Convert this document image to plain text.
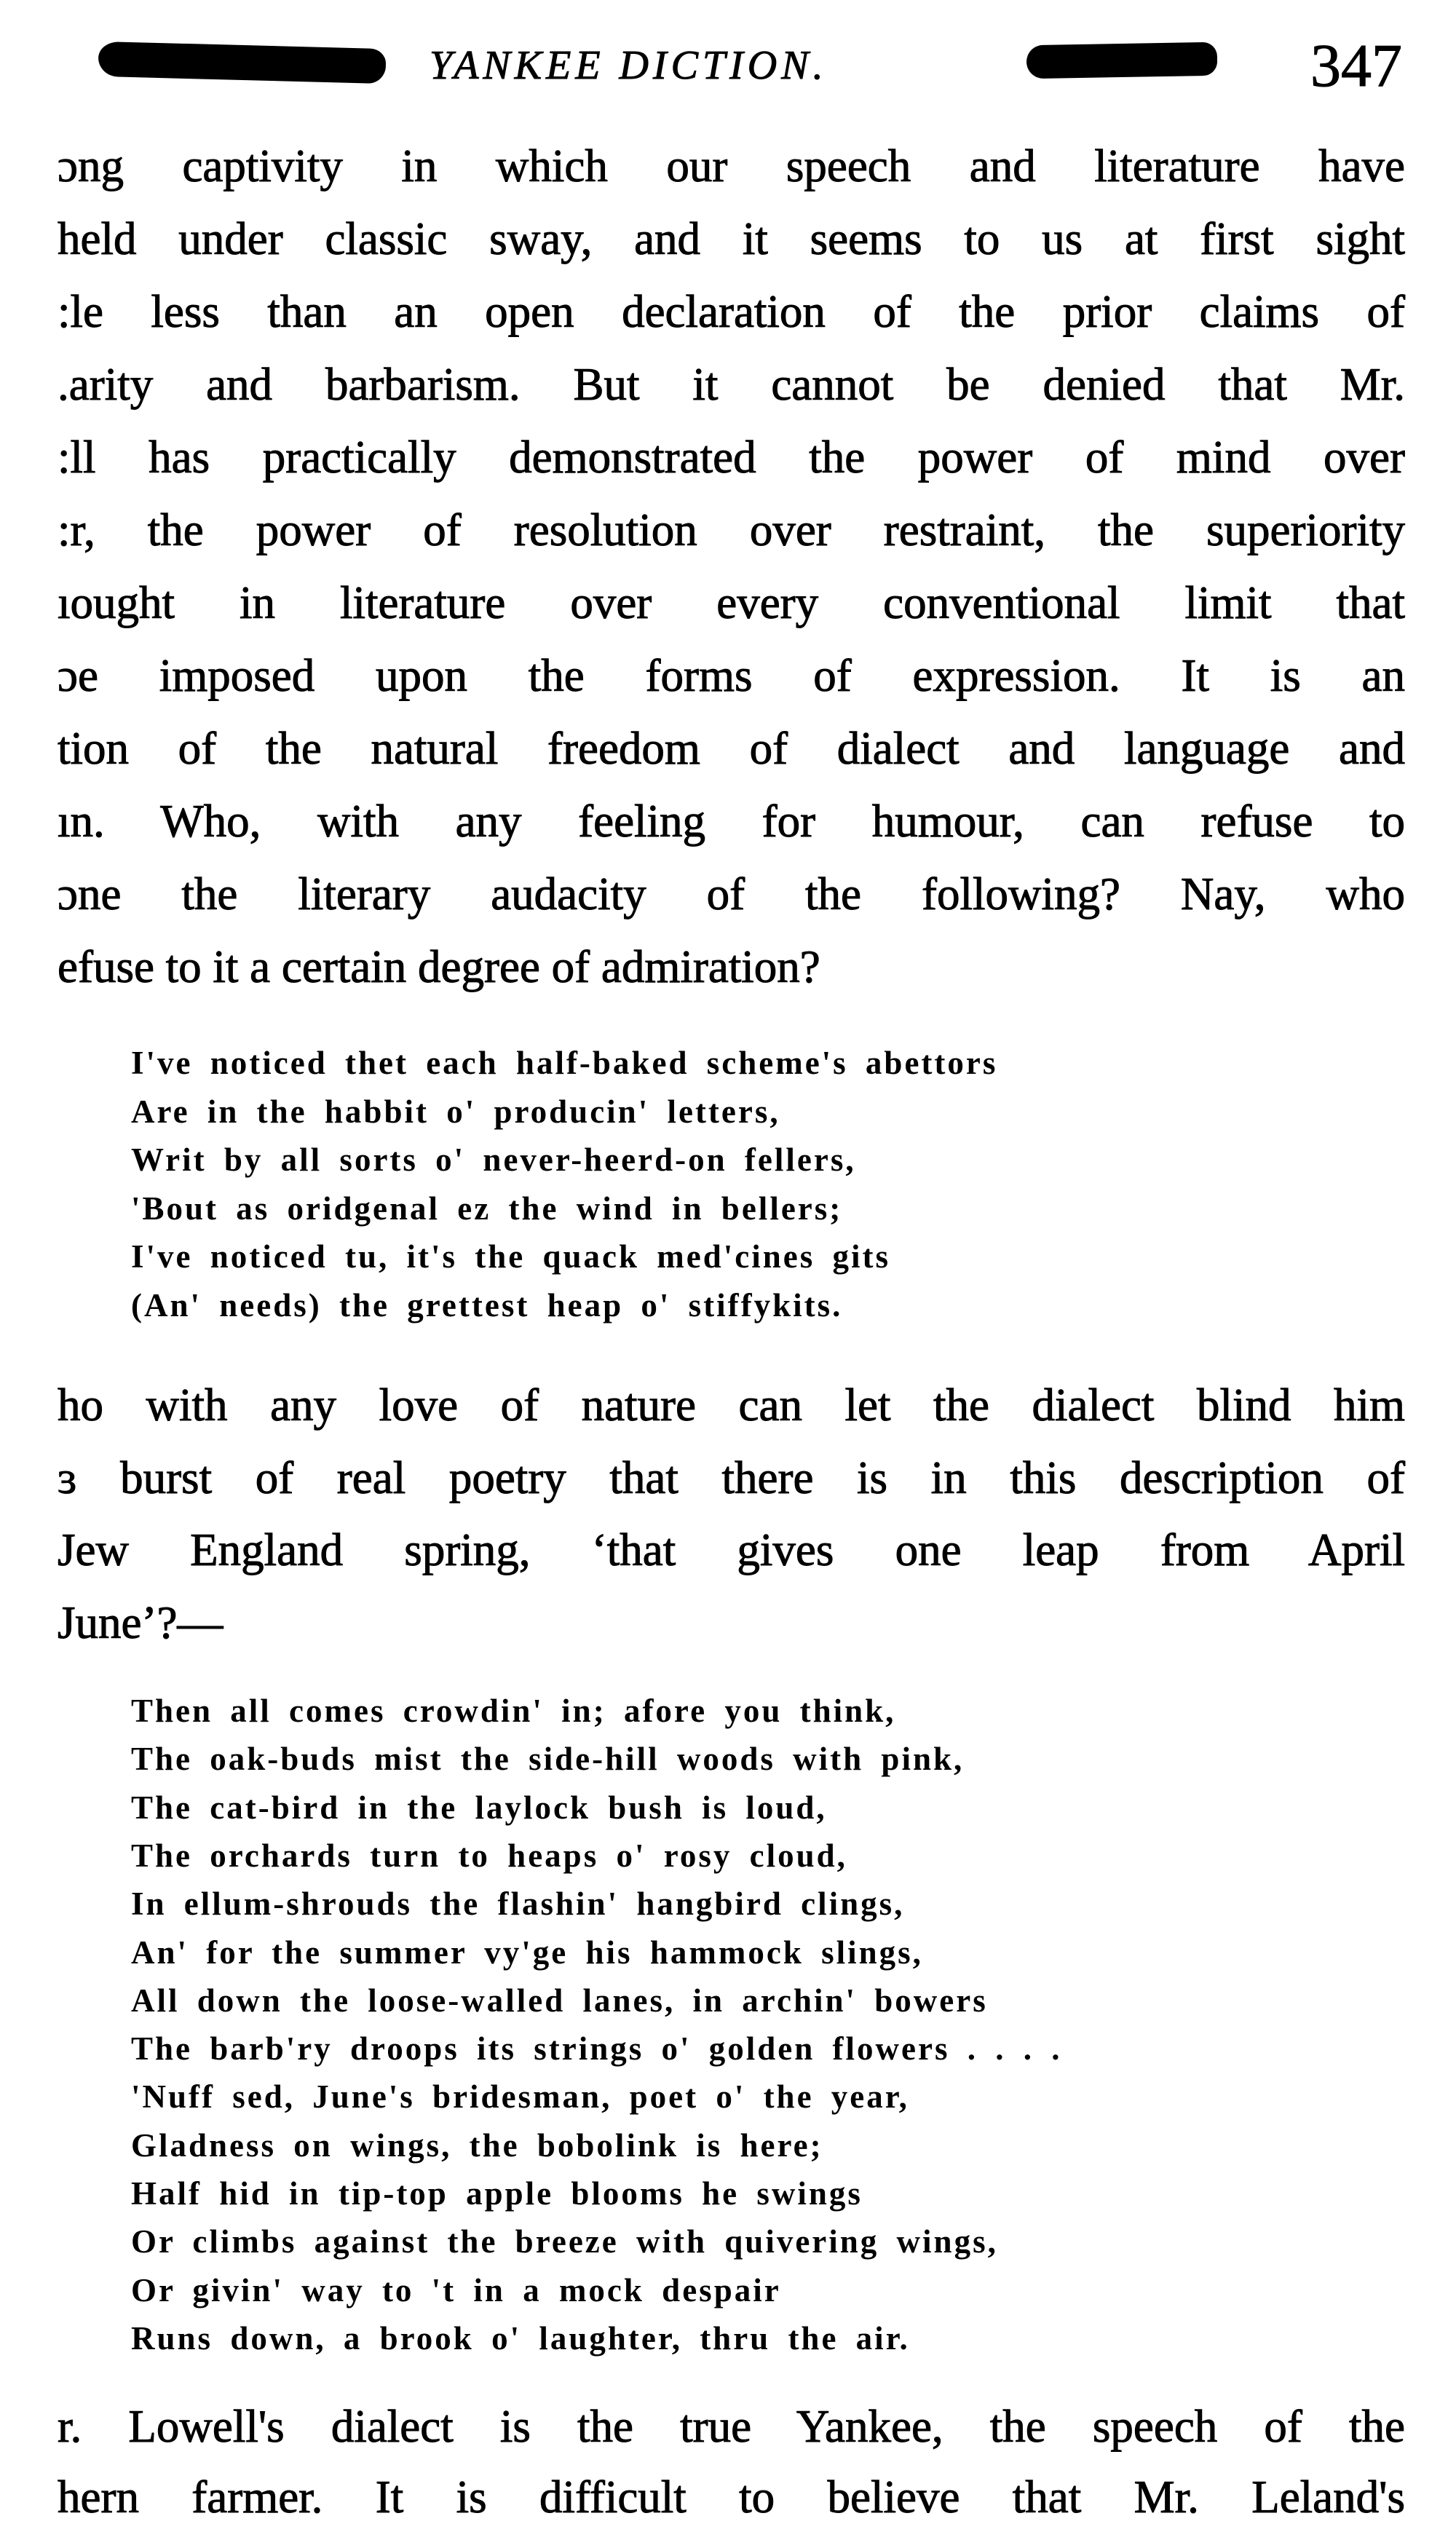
YANKEE DICTION.	347
ɔng captivity in which our speech and literature have
held under classic sway, and it seems to us at first sight
:le less than an open declaration of the prior claims of
.arity and barbarism. But it cannot be denied that Mr.
:ll has practically demonstrated the power of mind over
:r, the power of resolution over restraint, the superiority
ıought in literature over every conventional limit that
ɔe imposed upon the forms of expression. It is an
tion of the natural freedom of dialect and language and
ın. Who, with any feeling for humour, can refuse to
ɔne the literary audacity of the following? Nay, who
efuse to it a certain degree of admiration?
I've noticed thet each half-baked scheme's abettors
Are in the habbit o' producin' letters,
Writ by all sorts o' never-heerd-on fellers,
'Bout as oridgenal ez the wind in bellers;
I've noticed tu, it's the quack med'cines gits
(An' needs) the grettest heap o' stiffykits.
ho with any love of nature can let the dialect blind him
ɜ burst of real poetry that there is in this description of
Jew England spring, ‘that gives one leap from April
June’?—
Then all comes crowdin' in; afore you think,
The oak-buds mist the side-hill woods with pink,
The cat-bird in the laylock bush is loud,
The orchards turn to heaps o' rosy cloud,
In ellum-shrouds the flashin' hangbird clings,
An' for the summer vy'ge his hammock slings,
All down the loose-walled lanes, in archin' bowers
The barb'ry droops its strings o' golden flowers . . . .
'Nuff sed, June's bridesman, poet o' the year,
Gladness on wings, the bobolink is here;
Half hid in tip-top apple blooms he swings
Or climbs against the breeze with quivering wings,
Or givin' way to 't in a mock despair
Runs down, a brook o' laughter, thru the air.
r. Lowell's dialect is the true Yankee, the speech of the
hern farmer. It is difficult to believe that Mr. Leland's
